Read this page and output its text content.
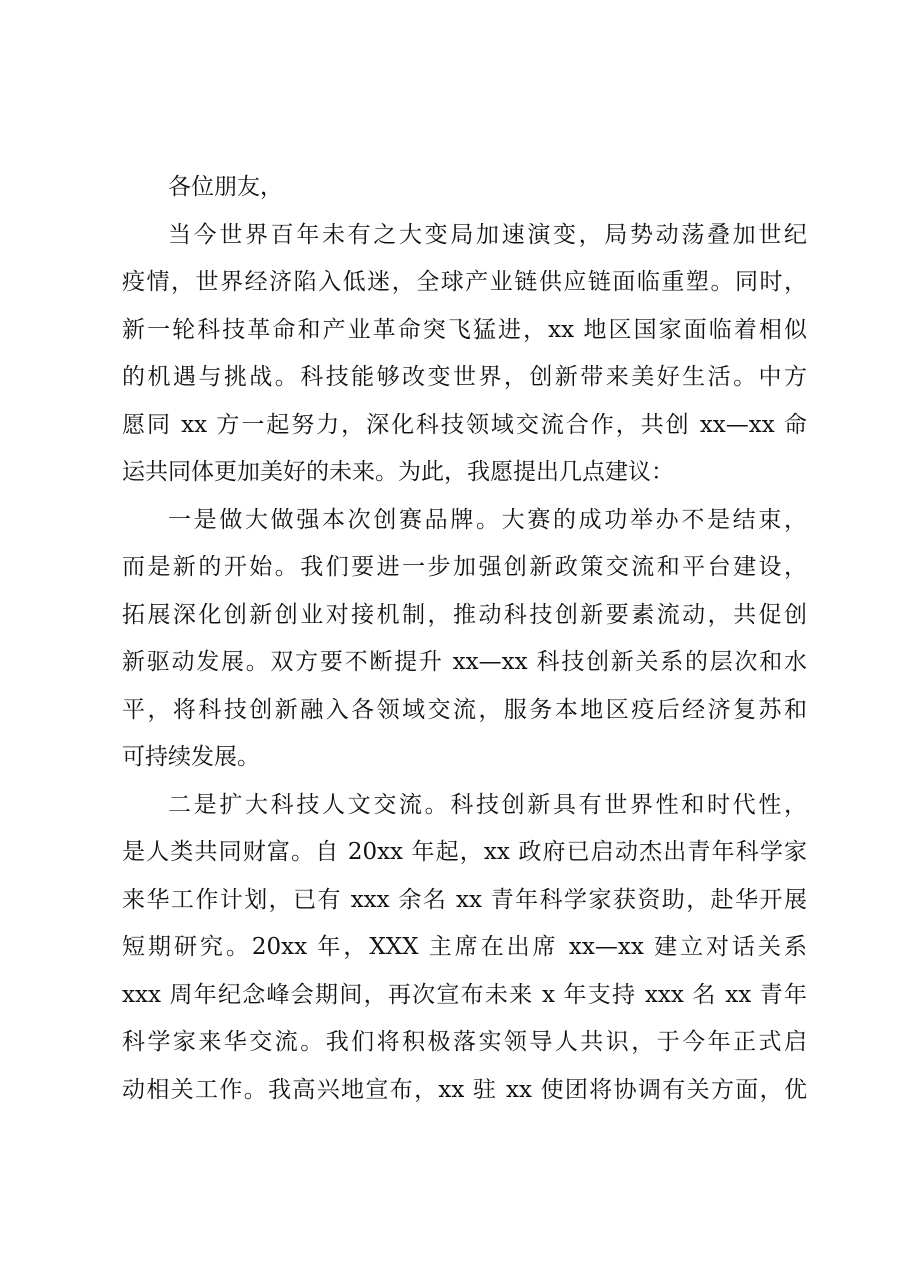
各位朋友，
当今世界百年未有之大变局加速演变，局势动荡叠加世纪
疫情，世界经济陷入低迷，全球产业链供应链面临重塑。同时，
新一轮科技革命和产业革命突飞猛进，xx 地区国家面临着相似
的机遇与挑战。科技能够改变世界，创新带来美好生活。中方
愿同 xx 方一起努力，深化科技领域交流合作，共创 xx—xx 命
运共同体更加美好的未来。为此，我愿提出几点建议：
一是做大做强本次创赛品牌。大赛的成功举办不是结束，
而是新的开始。我们要进一步加强创新政策交流和平台建设，
拓展深化创新创业对接机制，推动科技创新要素流动，共促创
新驱动发展。双方要不断提升 xx—xx 科技创新关系的层次和水
平，将科技创新融入各领域交流，服务本地区疫后经济复苏和
可持续发展。
二是扩大科技人文交流。科技创新具有世界性和时代性，
是人类共同财富。自 20xx 年起，xx 政府已启动杰出青年科学家
来华工作计划，已有 xxx 余名 xx 青年科学家获资助，赴华开展
短期研究。20xx 年，XXX 主席在出席 xx—xx 建立对话关系
xxx 周年纪念峰会期间，再次宣布未来 x 年支持 xxx 名 xx 青年
科学家来华交流。我们将积极落实领导人共识，于今年正式启
动相关工作。我高兴地宣布，xx 驻 xx 使团将协调有关方面，优
